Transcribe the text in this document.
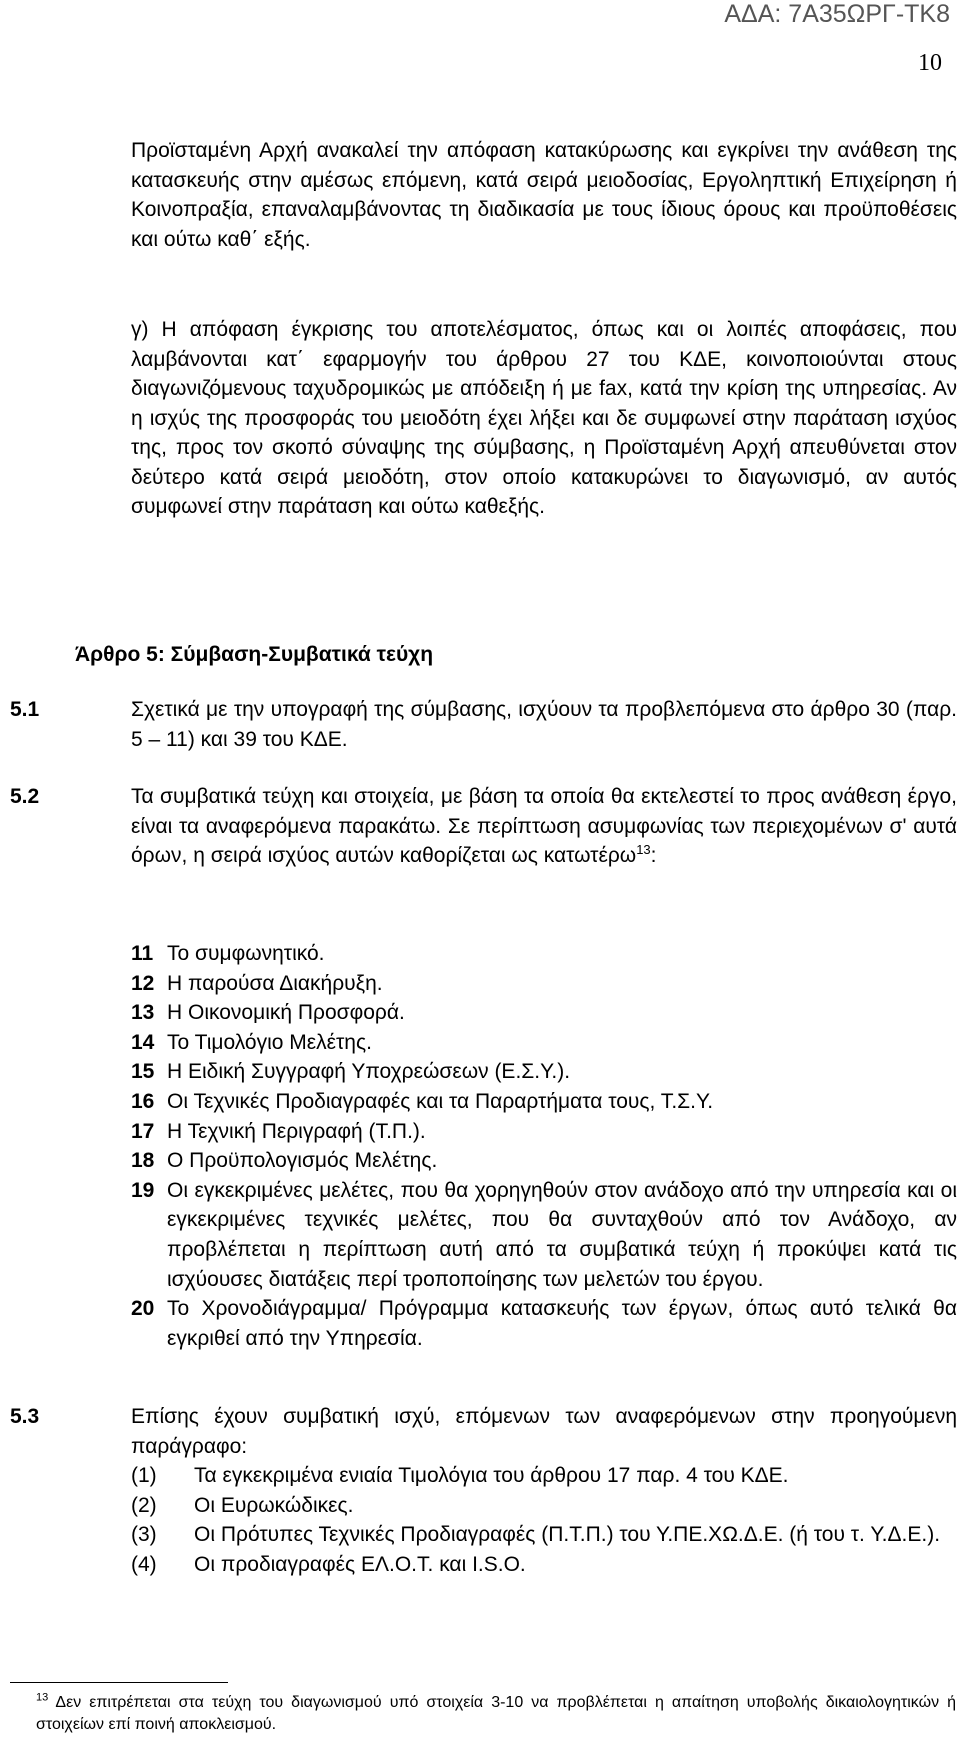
ΑΔΑ: 7Α35ΩΡΓ-ΤΚ8
10
Προϊσταμένη Αρχή ανακαλεί την απόφαση κατακύρωσης και εγκρίνει την ανάθεση της κατασκευής στην αμέσως επόμενη, κατά σειρά μειοδοσίας, Εργοληπτική Επιχείρηση ή Κοινοπραξία, επαναλαμβάνοντας τη διαδικασία με τους ίδιους όρους και προϋποθέσεις και ούτω καθ΄ εξής.
γ) Η απόφαση έγκρισης του αποτελέσματος, όπως και οι λοιπές αποφάσεις, που λαμβάνονται κατ΄ εφαρμογήν του άρθρου 27 του ΚΔΕ, κοινοποιούνται στους διαγωνιζόμενους ταχυδρομικώς με απόδειξη ή με fax, κατά την κρίση της υπηρεσίας. Αν η ισχύς της προσφοράς του μειοδότη έχει λήξει και δε συμφωνεί στην παράταση ισχύος της, προς τον σκοπό σύναψης της σύμβασης, η Προϊσταμένη Αρχή απευθύνεται στον δεύτερο κατά σειρά μειοδότη, στον οποίο κατακυρώνει το διαγωνισμό, αν αυτός συμφωνεί στην παράταση και ούτω καθεξής.
Άρθρο 5: Σύμβαση-Συμβατικά τεύχη
5.1	Σχετικά με την υπογραφή της σύμβασης, ισχύουν τα προβλεπόμενα στο άρθρο 30 (παρ. 5 – 11) και 39 του ΚΔΕ.
5.2	Τα συμβατικά τεύχη και στοιχεία, με βάση τα οποία θα εκτελεστεί το προς ανάθεση έργο, είναι τα αναφερόμενα παρακάτω. Σε περίπτωση ασυμφωνίας των περιεχομένων σ' αυτά όρων, η σειρά ισχύος αυτών καθορίζεται ως κατωτέρω$^{13}$:
11 Το συμφωνητικό.
12 Η παρούσα Διακήρυξη.
13 Η Οικονομική Προσφορά.
14 Το Τιμολόγιο Μελέτης.
15 Η Ειδική Συγγραφή Υποχρεώσεων (Ε.Σ.Υ.).
16 Οι Τεχνικές Προδιαγραφές και τα Παραρτήματα τους, Τ.Σ.Υ.
17 Η Τεχνική Περιγραφή (Τ.Π.).
18 Ο Προϋπολογισμός Μελέτης.
19 Οι εγκεκριμένες μελέτες, που θα χορηγηθούν στον ανάδοχο από την υπηρεσία και οι εγκεκριμένες τεχνικές μελέτες, που θα συνταχθούν από τον Ανάδοχο, αν προβλέπεται η περίπτωση αυτή από τα συμβατικά τεύχη ή προκύψει κατά τις ισχύουσες διατάξεις περί τροποποίησης των μελετών του έργου.
20 Το Χρονοδιάγραμμα/ Πρόγραμμα κατασκευής των έργων, όπως αυτό τελικά θα εγκριθεί από την Υπηρεσία.
5.3	Επίσης έχουν συμβατική ισχύ, επόμενων των αναφερόμενων στην προηγούμενη παράγραφο:
(1)	Τα εγκεκριμένα ενιαία Τιμολόγια του άρθρου 17 παρ. 4 του ΚΔΕ.
(2)	Οι Ευρωκώδικες.
(3)	Οι Πρότυπες Τεχνικές Προδιαγραφές (Π.Τ.Π.) του Υ.ΠΕ.ΧΩ.Δ.Ε. (ή του τ. Υ.Δ.Ε.).
(4)	Οι προδιαγραφές ΕΛ.Ο.Τ. και I.S.O.
$^{13}$ Δεν επιτρέπεται στα τεύχη του διαγωνισμού υπό στοιχεία 3-10 να προβλέπεται η απαίτηση υποβολής δικαιολογητικών ή στοιχείων επί ποινή αποκλεισμού.
